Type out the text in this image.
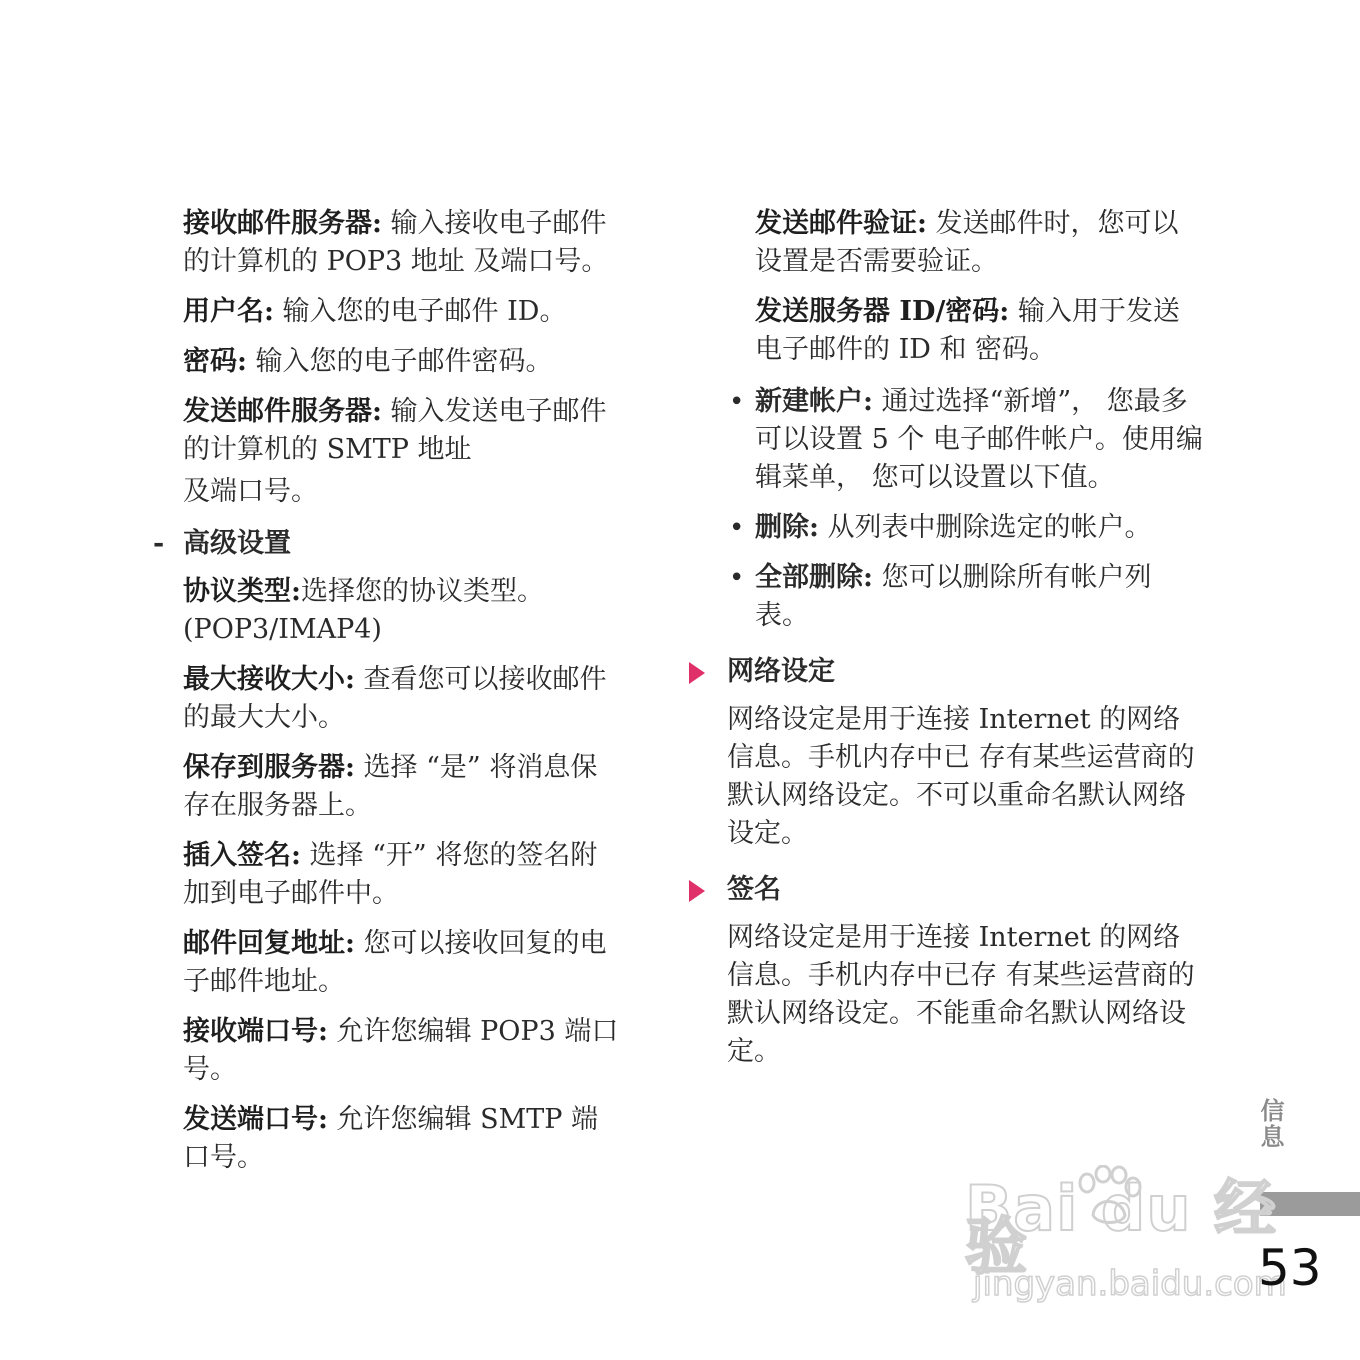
接收邮件服务器: 输入接收电子邮件的计算机的 POP3 地址 及端口号。

用户名: 输入您的电子邮件 ID。

密码: 输入您的电子邮件密码。

发送邮件服务器: 输入发送电子邮件的计算机的 SMTP 地址

及端口号。

- 高级设置

协议类型:选择您的协议类型。(POP3/IMAP4)

最大接收大小: 查看您可以接收邮件的最大大小。

保存到服务器: 选择 “是” 将消息保存在服务器上。

插入签名: 选择 “开” 将您的签名附加到电子邮件中。

邮件回复地址: 您可以接收回复的电子邮件地址。

接收端口号: 允许您编辑 POP3 端口号。

发送端口号: 允许您编辑 SMTP 端口号。

发送邮件验证: 发送邮件时，您可以设置是否需要验证。

发送服务器 ID/密码: 输入用于发送电子邮件的 ID 和 密码。

• 新建帐户: 通过选择“新增”， 您最多可以设置 5 个 电子邮件帐户。使用编辑菜单， 您可以设置以下值。
• 删除: 从列表中删除选定的帐户。
• 全部删除: 您可以删除所有帐户列表。
网络设定

网络设定是用于连接 Internet 的网络信息。手机内存中已 存有某些运营商的默认网络设定。不可以重命名默认网络 设定。

签名

网络设定是用于连接 Internet 的网络信息。手机内存中已存 有某些运营商的默认网络设定。不能重命名默认网络设定。

信息
Bai du 经验
jingyan.baidu.com
53
